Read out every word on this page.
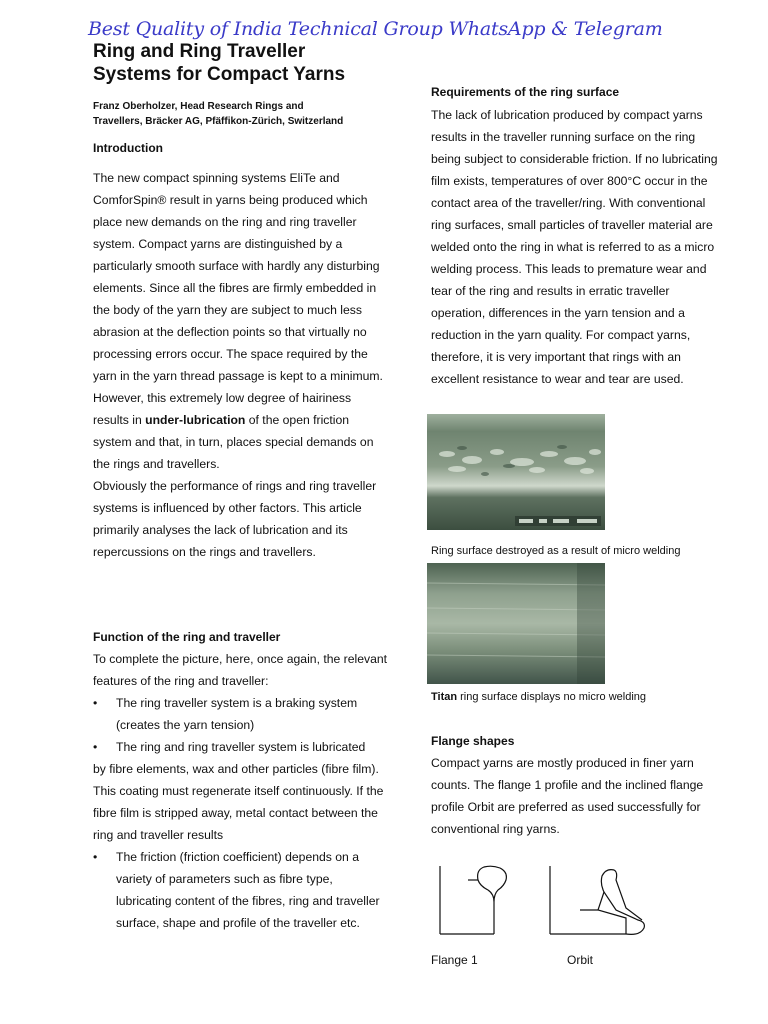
Best Quality of India Technical Group WhatsApp & Telegram
Ring and Ring Traveller
Systems for Compact Yarns
Franz Oberholzer, Head Research Rings and
Travellers, Bräcker AG, Pfäffikon-Zürich, Switzerland
Introduction

The new compact spinning systems EliTe and ComforSpin® result in yarns being produced which place new demands on the ring and ring traveller system. Compact yarns are distinguished by a particularly smooth surface with hardly any disturbing elements. Since all the fibres are firmly embedded in the body of the yarn they are subject to much less abrasion at the deflection points so that virtually no processing errors occur. The space required by the yarn in the yarn thread passage is kept to a minimum.

However, this extremely low degree of hairiness results in under-lubrication of the open friction system and that, in turn, places special demands on the rings and travellers.

Obviously the performance of rings and ring traveller systems is influenced by other factors. This article primarily analyses the lack of lubrication and its repercussions on the rings and travellers.

Function of the ring and traveller
To complete the picture, here, once again, the relevant features of the ring and traveller:
• The ring traveller system is a braking system (creates the yarn tension)
• The ring and ring traveller system is lubricated
by fibre elements, wax and other particles (fibre film). This coating must regenerate itself continuously. If the fibre film is stripped away, metal contact between the ring and traveller results
• The friction (friction coefficient) depends on a variety of parameters such as fibre type, lubricating content of the fibres, ring and traveller surface, shape and profile of the traveller etc.
Requirements of the ring surface
The lack of lubrication produced by compact yarns results in the traveller running surface on the ring being subject to considerable friction. If no lubricating film exists, temperatures of over 800°C occur in the contact area of the traveller/ring. With conventional ring surfaces, small particles of traveller material are welded onto the ring in what is referred to as a micro welding process. This leads to premature wear and tear of the ring and results in erratic traveller operation, differences in the yarn tension and a reduction in the yarn quality. For compact yarns, therefore, it is very important that rings with an excellent resistance to wear and tear are used.
Ring surface destroyed as a result of micro welding
Titan ring surface displays no micro welding
Flange shapes
Compact yarns are mostly produced in finer yarn counts. The flange 1 profile and the inclined flange profile Orbit are preferred as used successfully for conventional ring yarns.
Flange 1	Orbit
